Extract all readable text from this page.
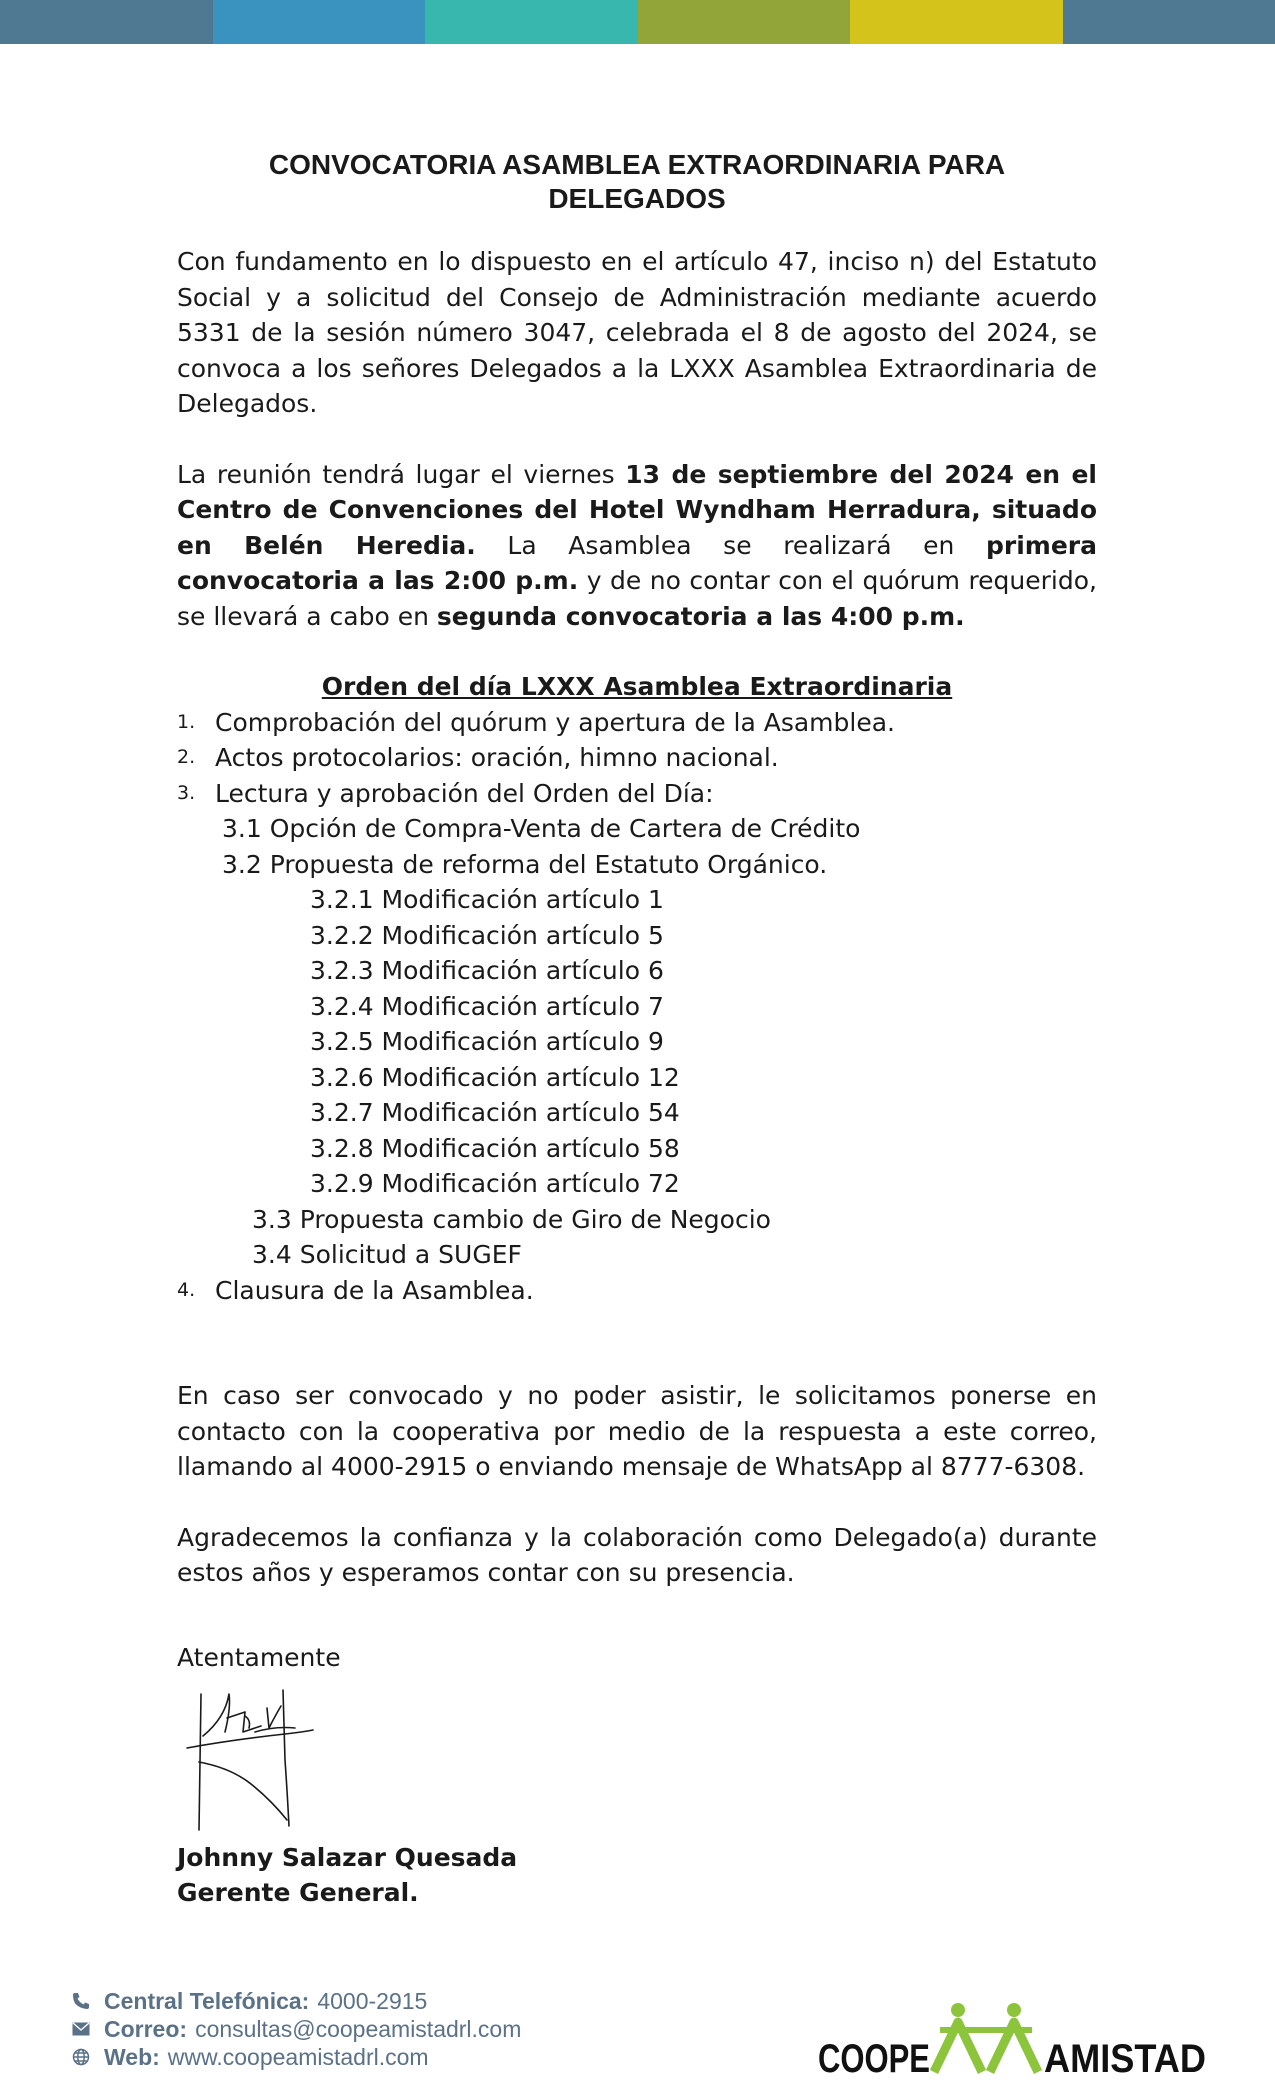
CONVOCATORIA ASAMBLEA EXTRAORDINARIA PARA DELEGADOS

Con fundamento en lo dispuesto en el artículo 47, inciso n) del Estatuto Social y a solicitud del Consejo de Administración mediante acuerdo 5331 de la sesión número 3047, celebrada el 8 de agosto del 2024, se convoca a los señores Delegados a la LXXX Asamblea Extraordinaria de Delegados.

La reunión tendrá lugar el viernes 13 de septiembre del 2024 en el Centro de Convenciones del Hotel Wyndham Herradura, situado en Belén Heredia. La Asamblea se realizará en primera convocatoria a las 2:00 p.m. y de no contar con el quórum requerido, se llevará a cabo en segunda convocatoria a las 4:00 p.m.

Orden del día LXXX Asamblea Extraordinaria

1. Comprobación del quórum y apertura de la Asamblea.
2. Actos protocolarios: oración, himno nacional.
3. Lectura y aprobación del Orden del Día:

3.1 Opción de Compra-Venta de Cartera de Crédito

3.2 Propuesta de reforma del Estatuto Orgánico.

3.2.1 Modificación artículo 1

3.2.2 Modificación artículo 5

3.2.3 Modificación artículo 6

3.2.4 Modificación artículo 7

3.2.5 Modificación artículo 9

3.2.6 Modificación artículo 12

3.2.7 Modificación artículo 54

3.2.8 Modificación artículo 58

3.2.9 Modificación artículo 72

3.3 Propuesta cambio de Giro de Negocio

3.4 Solicitud a SUGEF

4. Clausura de la Asamblea.

En caso ser convocado y no poder asistir, le solicitamos ponerse en contacto con la cooperativa por medio de la respuesta a este correo, llamando al 4000-2915 o enviando mensaje de WhatsApp al 8777-6308.

Agradecemos la confianza y la colaboración como Delegado(a) durante estos años y esperamos contar con su presencia.

Atentamente
Johnny Salazar Quesada
Gerente General.
Central Telefónica: 4000-2915
Correo: consultas@coopeamistadrl.com
Web: www.coopeamistadrl.com	COOPE	AMISTAD
